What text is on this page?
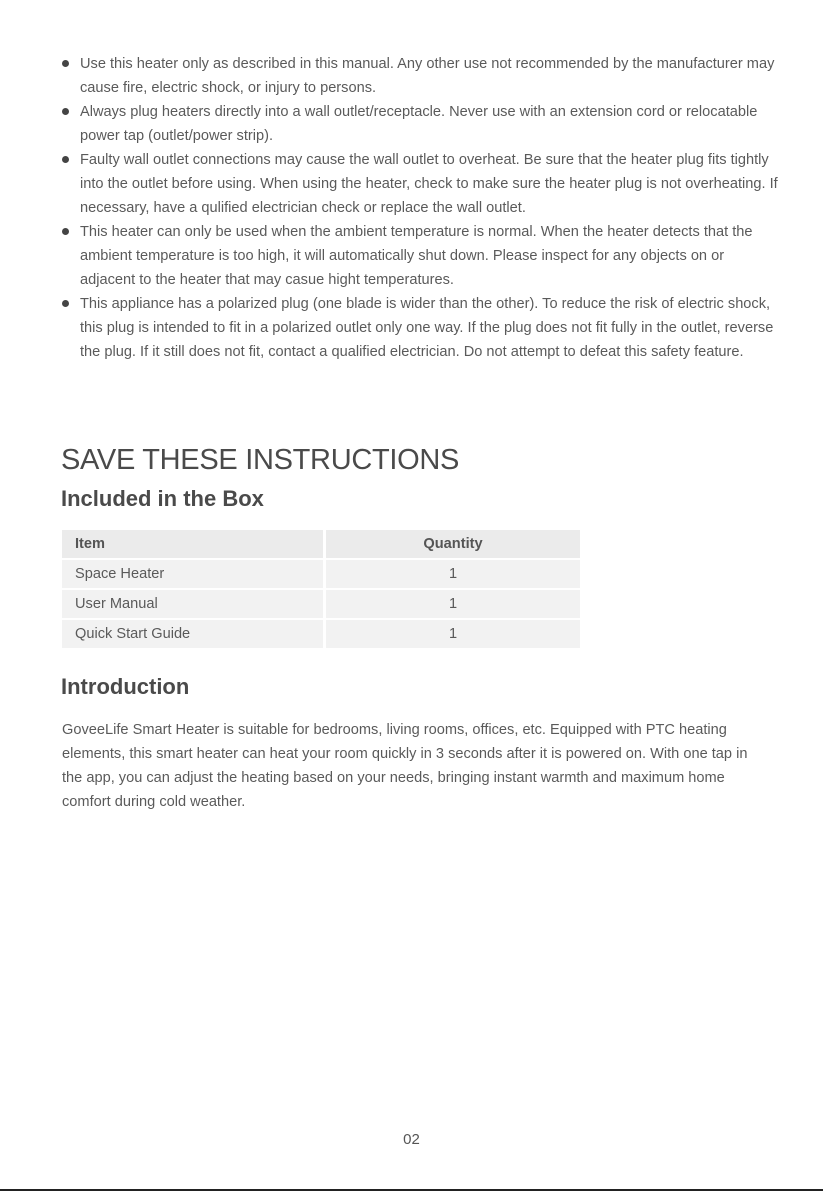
Use this heater only as described in this manual. Any other use not recommended by the manufacturer may cause fire, electric shock, or injury to persons.
Always plug heaters directly into a wall outlet/receptacle. Never use with an extension cord or relocatable power tap (outlet/power strip).
Faulty wall outlet connections may cause the wall outlet to overheat. Be sure that the heater plug fits tightly into the outlet before using. When using the heater, check to make sure the heater plug is not overheating. If necessary, have a qulified electrician check or replace the wall outlet.
This heater can only be used when the ambient temperature is normal. When the heater detects that the ambient temperature is too high, it will automatically shut down. Please inspect for any objects on or adjacent to the heater that may casue hight temperatures.
This appliance has a polarized plug (one blade is wider than the other). To reduce the risk of electric shock, this plug is intended to fit in a polarized outlet only one way. If the plug does not fit fully in the outlet, reverse the plug. If it still does not fit, contact a qualified electrician. Do not attempt to defeat this safety feature.
SAVE THESE INSTRUCTIONS
Included in the Box
Item	Quantity
Space Heater	1
User Manual	1
Quick Start Guide	1
Introduction

GoveeLife Smart Heater is suitable for bedrooms, living rooms, offices, etc. Equipped with PTC heating elements, this smart heater can heat your room quickly in 3 seconds after it is powered on. With one tap in the app, you can adjust the heating based on your needs, bringing instant warmth and maximum home comfort during cold weather.

02
